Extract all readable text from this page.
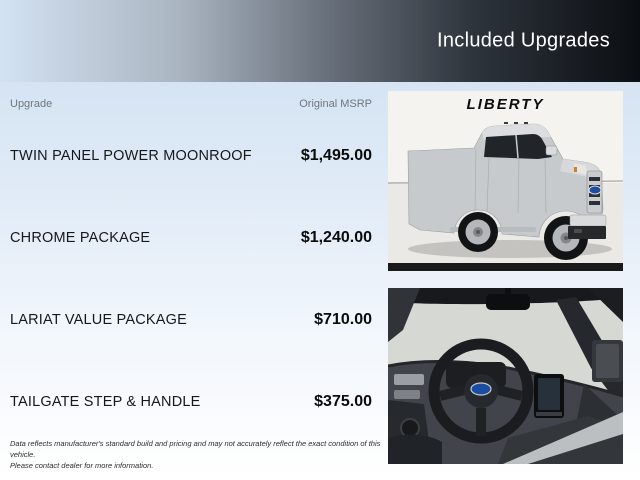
Included Upgrades
Upgrade	Original MSRP
TWIN PANEL POWER MOONROOF	$1,495.00
CHROME PACKAGE	$1,240.00
LARIAT VALUE PACKAGE	$710.00
TAILGATE STEP & HANDLE	$375.00
Data reflects manufacturer's standard build and pricing and may not accurately reflect the exact condition of this vehicle.
Please contact dealer for more information.
LIBERTY
